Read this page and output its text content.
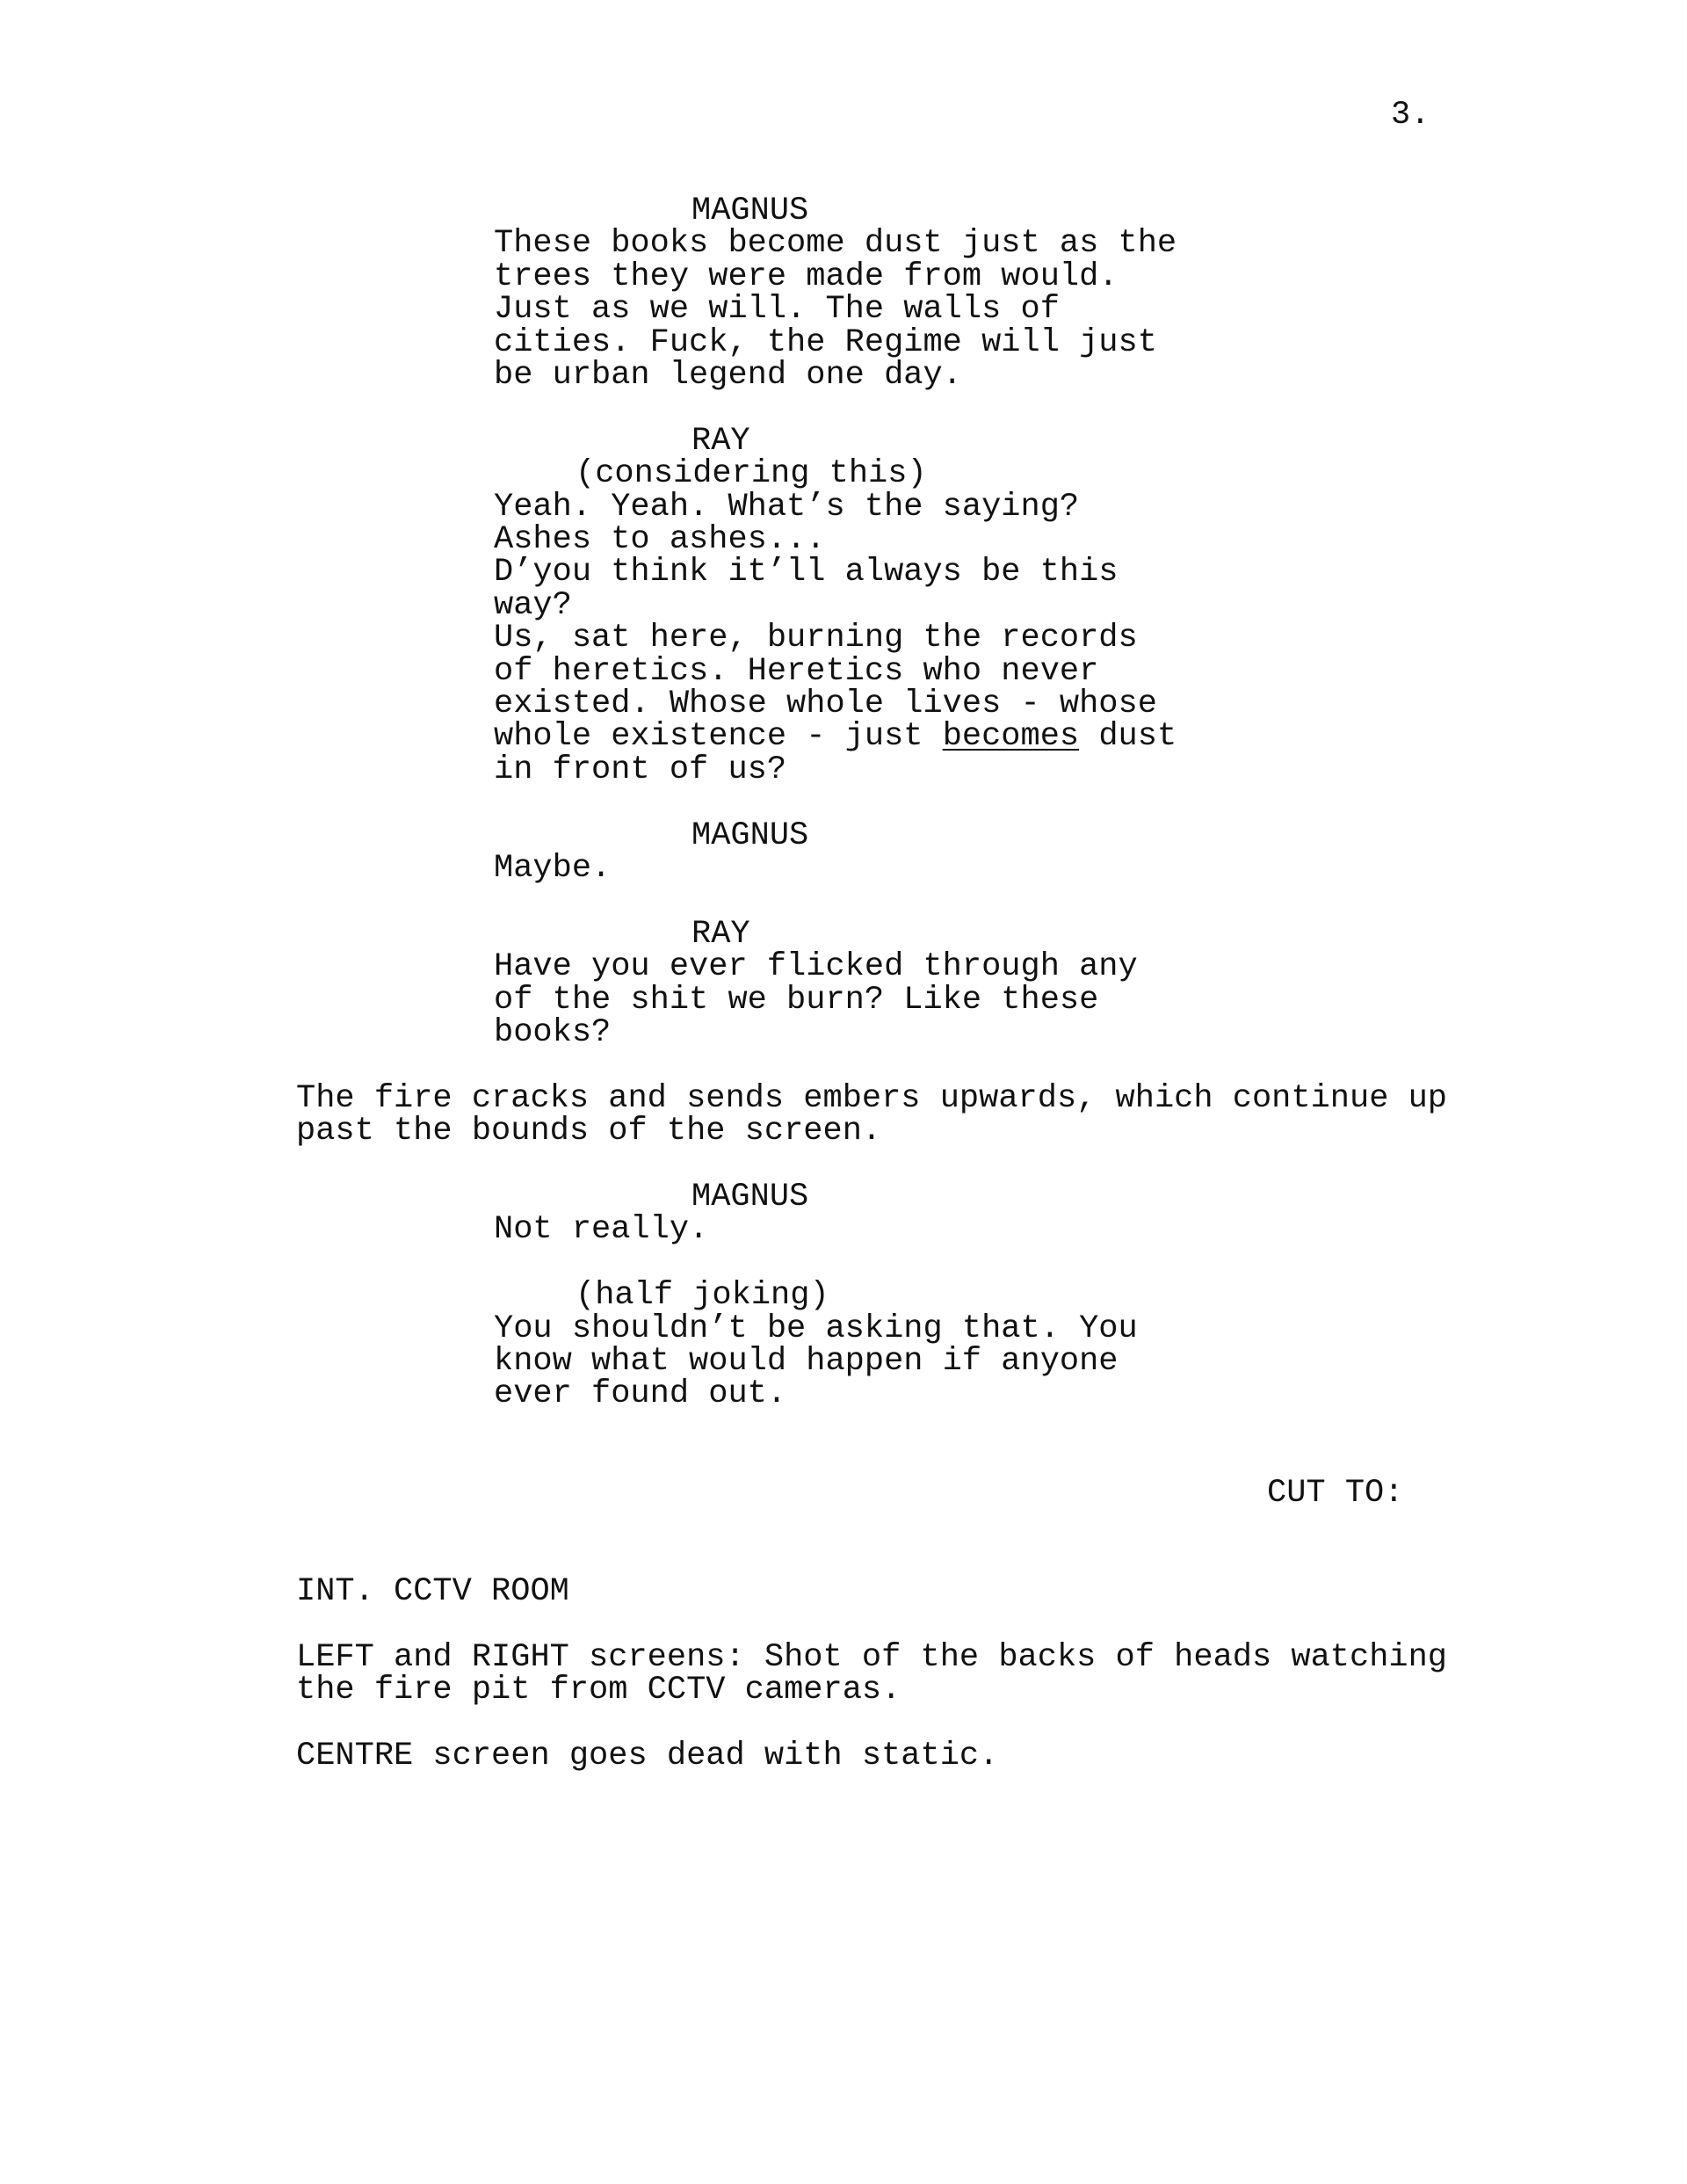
3.
MAGNUS
These books become dust just as the
trees they were made from would.
Just as we will. The walls of
cities. Fuck, the Regime will just
be urban legend one day.
RAY
(considering this)
Yeah. Yeah. What’s the saying?
Ashes to ashes...
D’you think it’ll always be this
way?
Us, sat here, burning the records
of heretics. Heretics who never
existed. Whose whole lives - whose
whole existence - just becomes dust
in front of us?
MAGNUS
Maybe.
RAY
Have you ever flicked through any
of the shit we burn? Like these
books?
The fire cracks and sends embers upwards, which continue up
past the bounds of the screen.
MAGNUS
Not really.
(half joking)
You shouldn’t be asking that. You
know what would happen if anyone
ever found out.
CUT TO:
INT. CCTV ROOM
LEFT and RIGHT screens: Shot of the backs of heads watching
the fire pit from CCTV cameras.
CENTRE screen goes dead with static.
